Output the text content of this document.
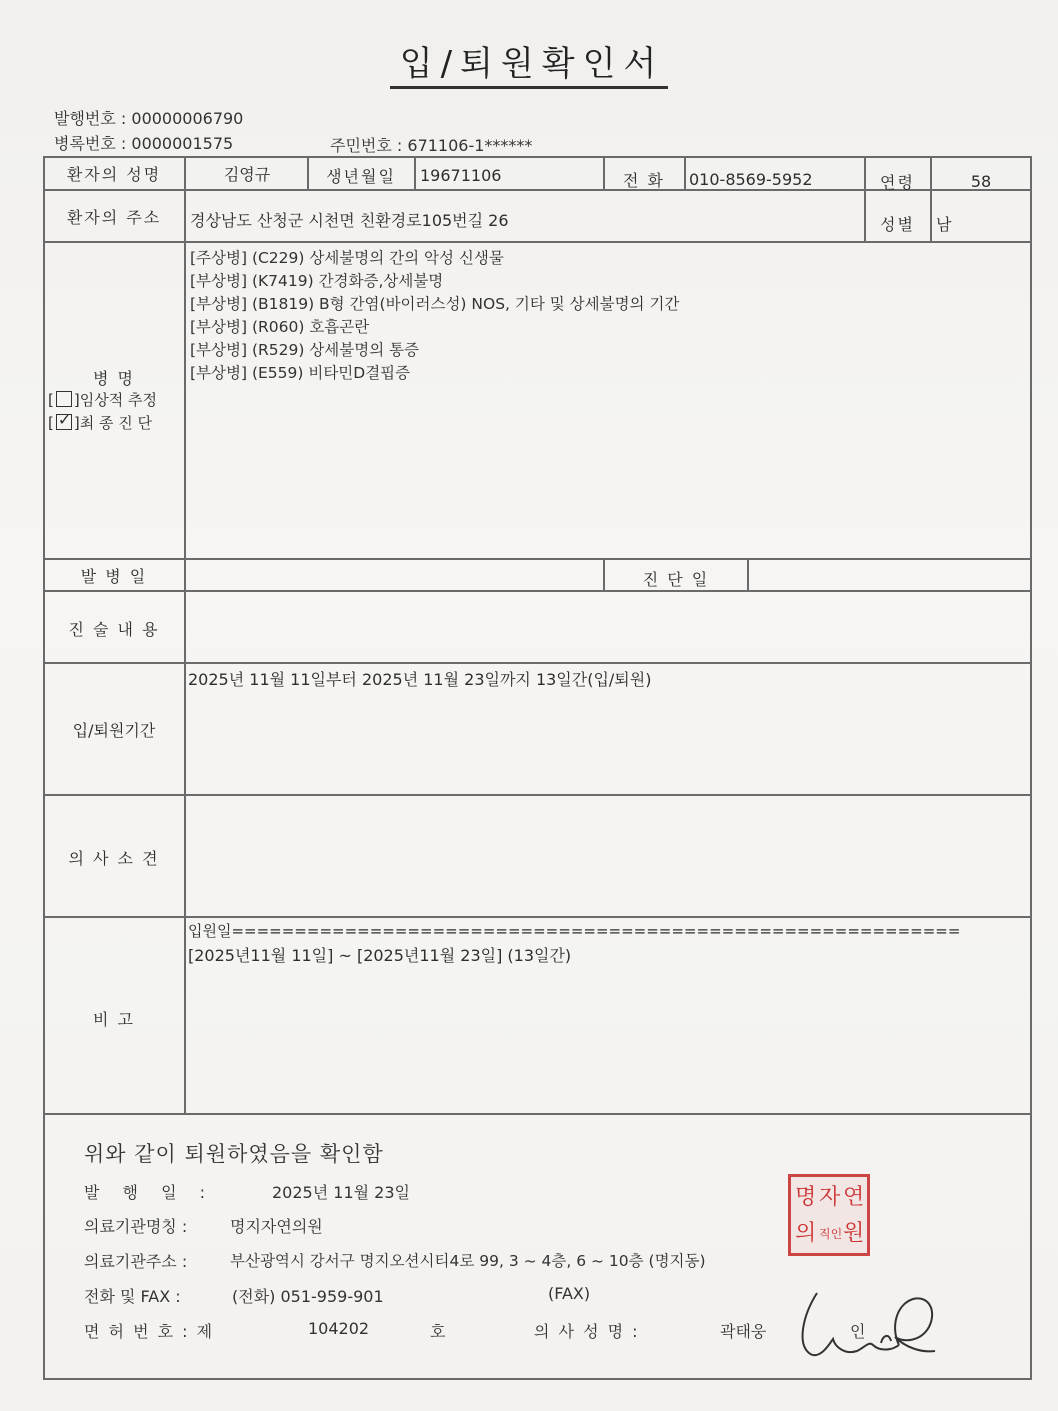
입/퇴원확인서
발행번호 : 00000006790
병록번호 : 0000001575	주민번호 : 671106-1******
환자의 성명	김영규	생년월일	19671106	전 화	010-8569-5952	연령	58
환자의 주소	경상남도 산청군 시천면 친환경로105번길 26	성별	남
병 명
[ ]임상적 추정
[✓ ]최 종 진 단
[주상병] (C229) 상세불명의 간의 악성 신생물
[부상병] (K7419) 간경화증,상세불명
[부상병] (B1819) B형 간염(바이러스성) NOS, 기타 및 상세불명의 기간
[부상병] (R060) 호흡곤란
[부상병] (R529) 상세불명의 통증
[부상병] (E559) 비타민D결핍증
발 병 일	진 단 일
진 술 내 용
입/퇴원기간
2025년 11월 11일부터 2025년 11월 23일까지 13일간(입/퇴원)
의 사 소 견
비 고
입원일==========================================================
[2025년11월 11일] ~ [2025년11월 23일] (13일간)
위와 같이 퇴원하였음을 확인함
발 행 일 :	2025년 11월 23일
의료기관명칭 :	명지자연의원
의료기관주소 :	부산광역시 강서구 명지오션시티4로 99, 3 ~ 4층, 6 ~ 10층 (명지동)
전화 및 FAX :	(전화) 051-959-901	(FAX)
면 허 번 호 : 제	104202	호	의 사 성 명 :	곽태웅	인
명 자 연
의 직인 원
